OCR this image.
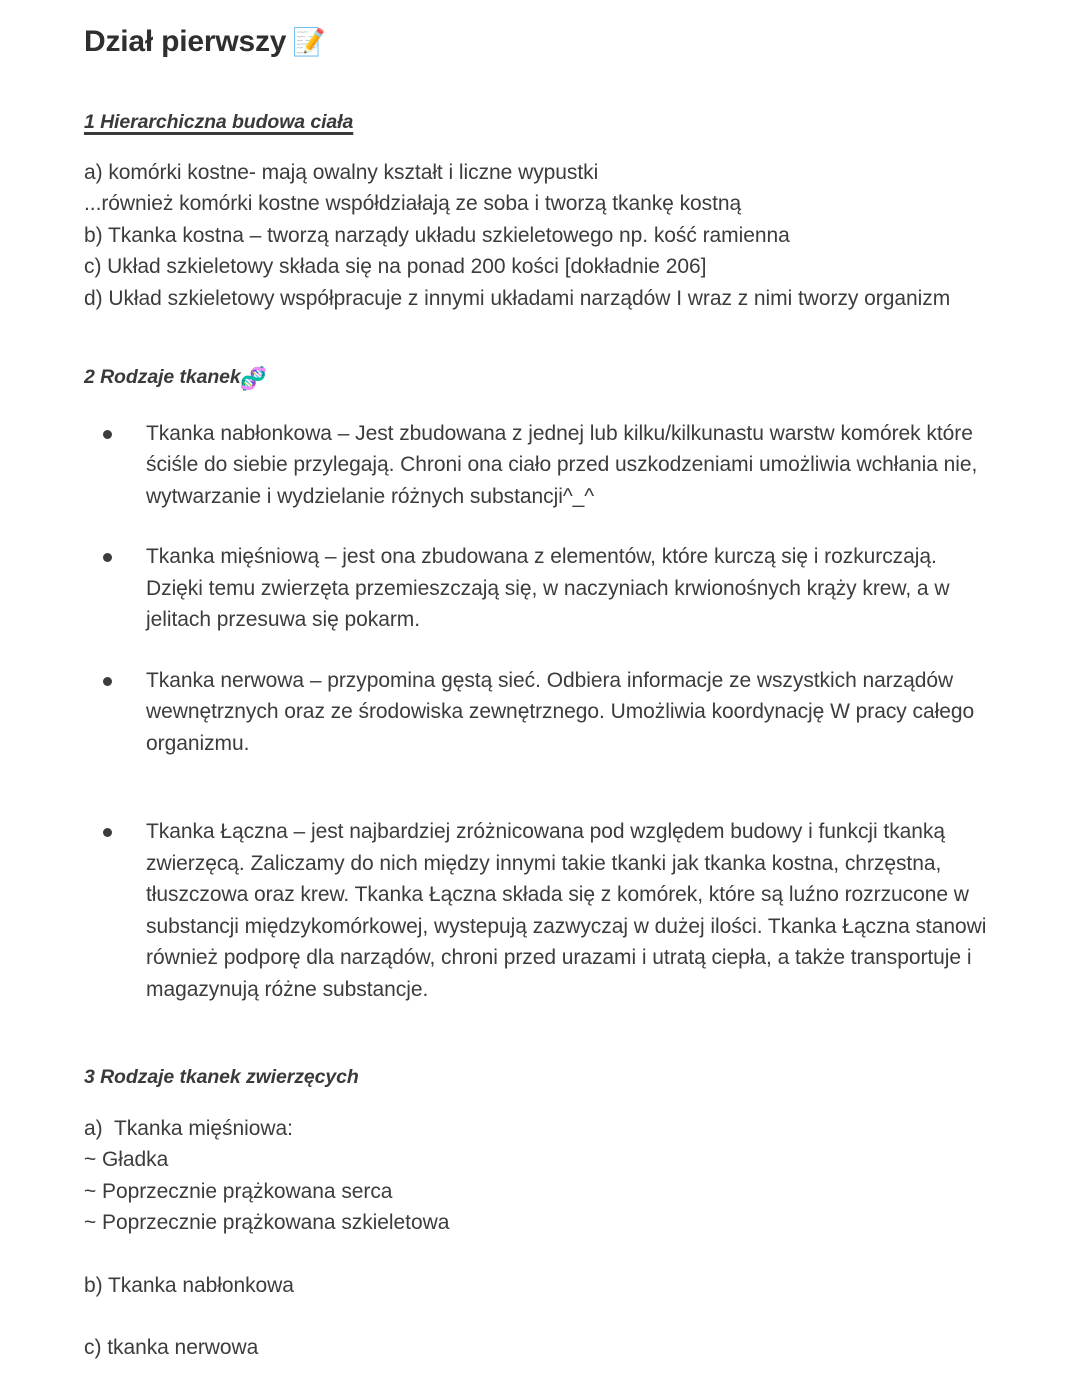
Dział pierwszy 📝
1 Hierarchiczna budowa ciała
a) komórki kostne- mają owalny kształt i liczne wypustki
...również komórki kostne współdziałają ze soba i tworzą tkankę kostną
b) Tkanka kostna – tworzą narządy układu szkieletowego np. kość ramienna
c) Układ szkieletowy składa się na ponad 200 kości [dokładnie 206]
d) Układ szkieletowy współpracuje z innymi układami narządów I wraz z nimi tworzy organizm
2 Rodzaje tkanek 🧬
Tkanka nabłonkowa – Jest zbudowana z jednej lub kilku/kilkunastu warstw komórek które ściśle do siebie przylegają. Chroni ona ciało przed uszkodzeniami umożliwia wchłania nie, wytwarzanie i wydzielanie różnych substancji^_^
Tkanka mięśniową – jest ona zbudowana z elementów, które kurczą się i rozkurczają. Dzięki temu zwierzęta przemieszczają się, w naczyniach krwionośnych krąży krew, a w jelitach przesuwa się pokarm.
Tkanka nerwowa – przypomina gęstą sieć. Odbiera informacje ze wszystkich narządów wewnętrznych oraz ze środowiska zewnętrznego. Umożliwia koordynację W pracy całego organizmu.
Tkanka Łączna – jest najbardziej zróżnicowana pod względem budowy i funkcji tkanką zwierzęcą. Zaliczamy do nich między innymi takie tkanki jak tkanka kostna, chrzęstna, tłuszczowa oraz krew. Tkanka Łączna składa się z komórek, które są luźno rozrzucone w substancji międzykomórkowej, wystepują zazwyczaj w dużej ilości. Tkanka Łączna stanowi również podporę dla narządów, chroni przed urazami i utratą ciepła, a także transportuje i magazynują różne substancje.
3 Rodzaje tkanek zwierzęcych
a) Tkanka mięśniowa:
~ Gładka
~ Poprzecznie prążkowana serca
~ Poprzecznie prążkowana szkieletowa
b) Tkanka nabłonkowa
c) tkanka nerwowa
